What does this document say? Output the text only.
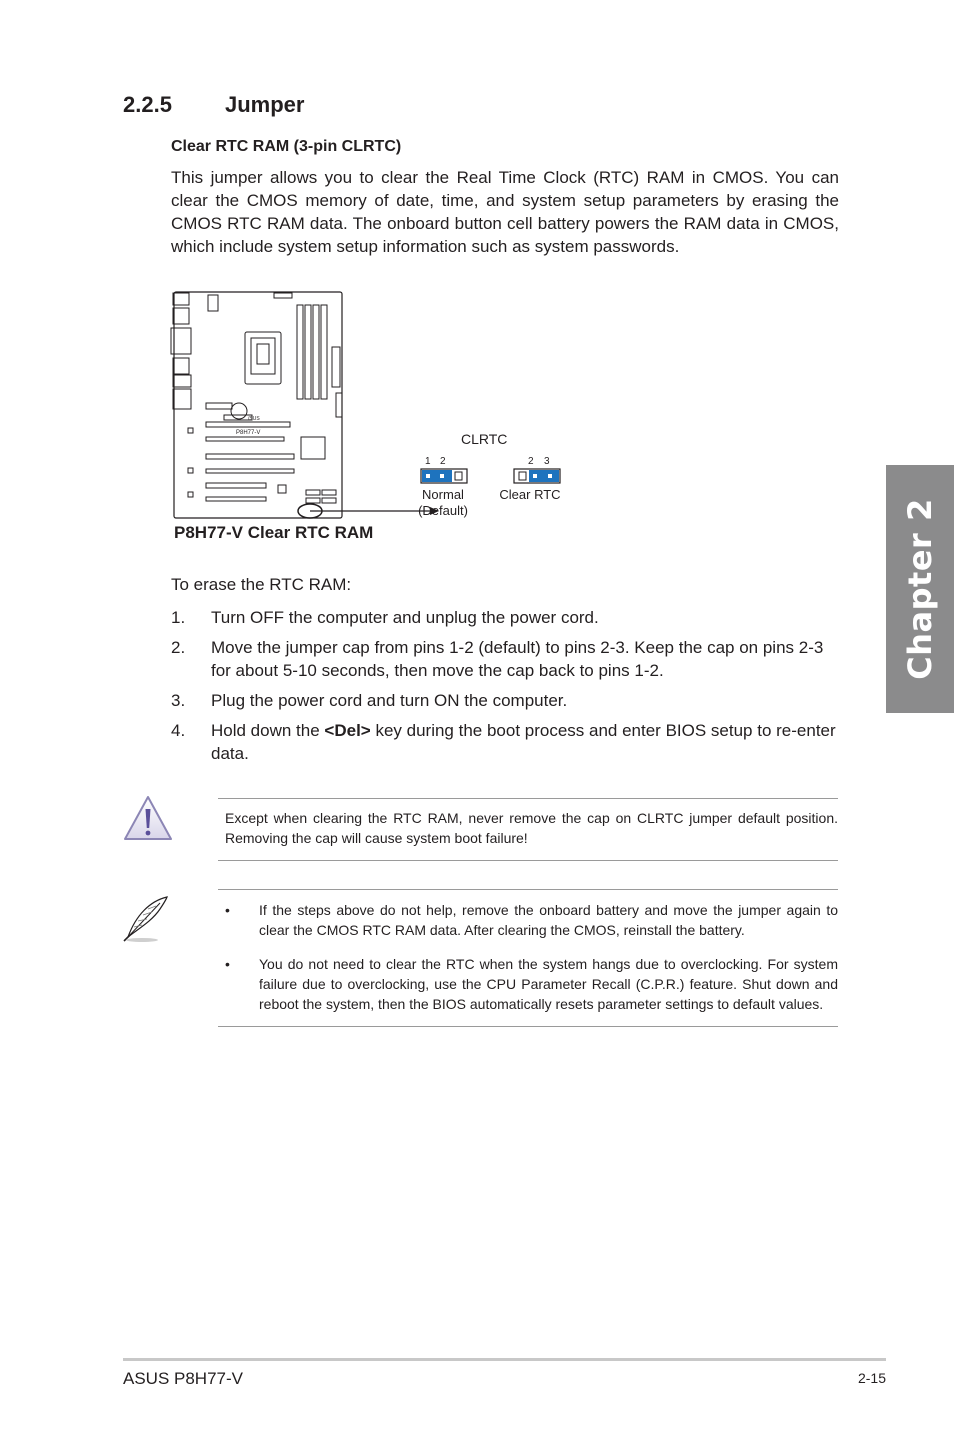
2.2.5 Jumper
Clear RTC RAM (3-pin CLRTC)
This jumper allows you to clear the Real Time Clock (RTC) RAM in CMOS. You can clear the CMOS memory of date, time, and system setup parameters by erasing the CMOS RTC RAM data. The onboard button cell battery powers the RAM data in CMOS, which include system setup information such as system passwords.
P8H77-V
/SUS
CLRTC
1 2
Normal
(Default)
2 3
Clear RTC
P8H77-V Clear RTC RAM
To erase the RTC RAM:
1. Turn OFF the computer and unplug the power cord.
2. Move the jumper cap from pins 1-2 (default) to pins 2-3. Keep the cap on pins 2-3 for about 5-10 seconds, then move the cap back to pins 1-2.
3. Plug the power cord and turn ON the computer.
4. Hold down the <Del> key during the boot process and enter BIOS setup to re-enter data.
Except when clearing the RTC RAM, never remove the cap on CLRTC jumper default position. Removing the cap will cause system boot failure!
• If the steps above do not help, remove the onboard battery and move the jumper again to clear the CMOS RTC RAM data. After clearing the CMOS, reinstall the battery.
• You do not need to clear the RTC when the system hangs due to overclocking. For system failure due to overclocking, use the CPU Parameter Recall (C.P.R.) feature. Shut down and reboot the system, then the BIOS automatically resets parameter settings to default values.
Chapter 2
ASUS P8H77-V	2-15
